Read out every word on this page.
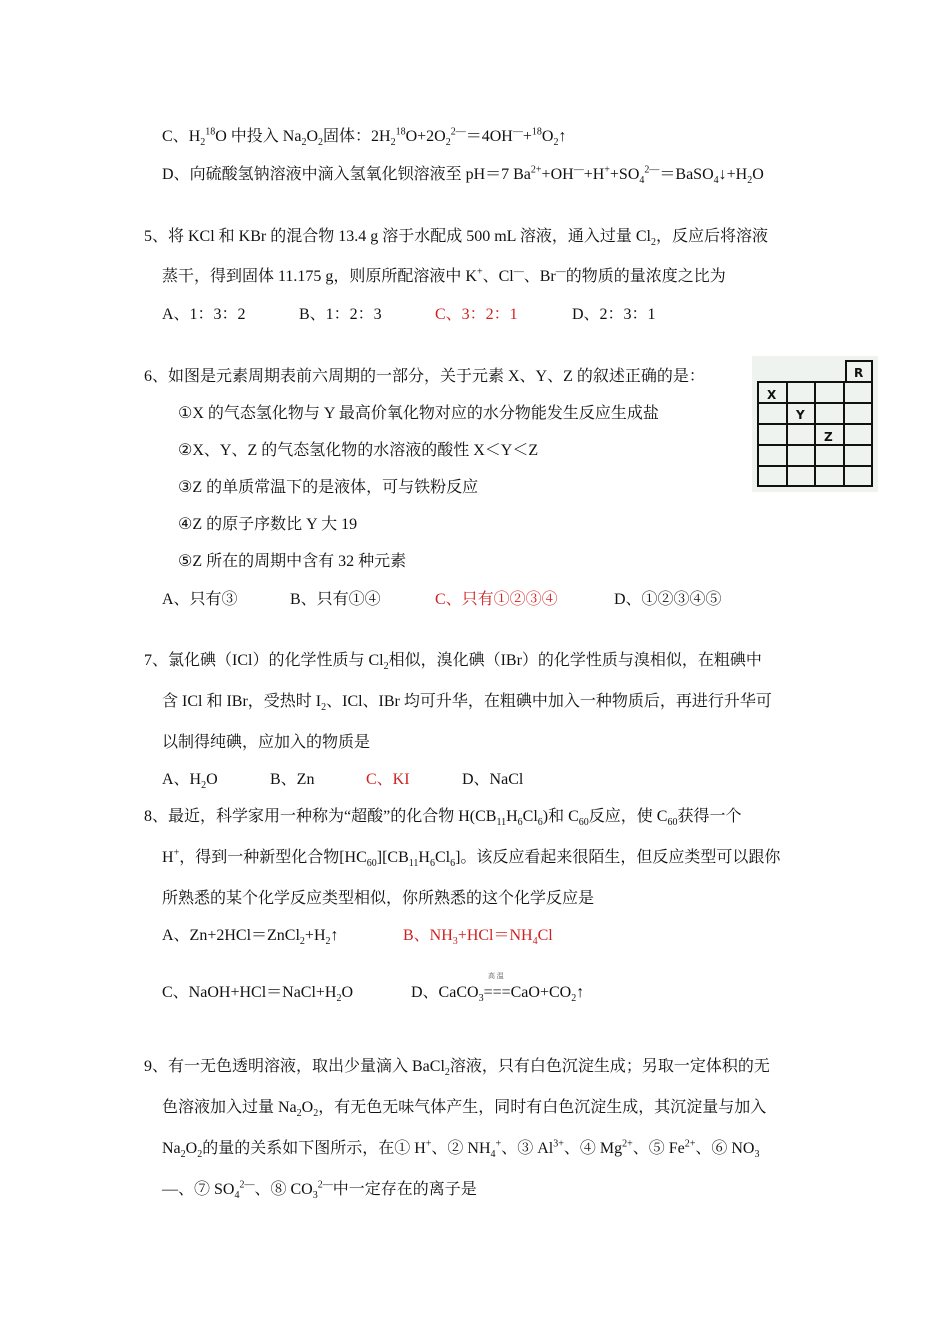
C、$H_2^{18}O$ 中投入 $Na_2O_2$固体：$2H_2^{18}O+2O_2^{2—}=4OH^—+^{18}O_2↑$
D、向硫酸氢钠溶液中滴入氢氧化钡溶液至 pH＝7 $Ba^{2+}+OH^—+H^++SO_4^{2—}=BaSO_4↓+H_2O$
5、将 KCl 和 KBr 的混合物 13.4 g 溶于水配成 500 mL 溶液，通入过量 $Cl_2$，反应后将溶液
蒸干，得到固体 11.175 g，则原所配溶液中 K+、Cl—、Br—的物质的量浓度之比为
A、1：3：2	B、1：2：3	C、3：2：1	D、2：3：1
6、如图是元素周期表前六周期的一部分，关于元素 X、Y、Z 的叙述正确的是：
①X 的气态氢化物与 Y 最高价氧化物对应的水分物能发生反应生成盐
②X、Y、Z 的气态氢化物的水溶液的酸性 X＜Y＜Z
③Z 的单质常温下的是液体，可与铁粉反应
④Z 的原子序数比 Y 大 19
⑤Z 所在的周期中含有 32 种元素
A、只有③	B、只有①④	C、只有①②③④	D、①②③④⑤
R
X
Y
Z
7、氯化碘（ICl）的化学性质与 $Cl_2$相似，溴化碘（IBr）的化学性质与溴相似，在粗碘中
含 ICl 和 IBr，受热时 $I_2$、ICl、IBr 均可升华，在粗碘中加入一种物质后，再进行升华可
以制得纯碘，应加入的物质是
A、$H_2O$	B、Zn	C、KI	D、NaCl
8、最近，科学家用一种称为“超酸”的化合物 $H(CB_{11}H_6Cl_6)$和 $C_{60}$反应，使 $C_{60}$获得一个
H+，得到一种新型化合物$[HC_{60}][CB_{11}H_6Cl_6]$。该反应看起来很陌生，但反应类型可以跟你
所熟悉的某个化学反应类型相似，你所熟悉的这个化学反应是
A、$Zn+2HCl=ZnCl_2+H_2↑$	B、$NH_3+HCl=NH_4Cl$
C、$NaOH+HCl=NaCl+H_2O$
高 温
D、$CaCO_3===CaO+CO_2↑$
9、有一无色透明溶液，取出少量滴入 BaCl$_2$溶液，只有白色沉淀生成；另取一定体积的无
色溶液加入过量 $Na_2O_2$，有无色无味气体产生，同时有白色沉淀生成，其沉淀量与加入
$Na_2O_2$的量的关系如下图所示，在① H+、② $NH_4^+$、③ $Al^{3+}$、④ $Mg^{2+}$、⑤ $Fe^{2+}$、⑥ $NO_3$
—、⑦ $SO_4^{2—}$、⑧ $CO_3^{2—}$中一定存在的离子是
